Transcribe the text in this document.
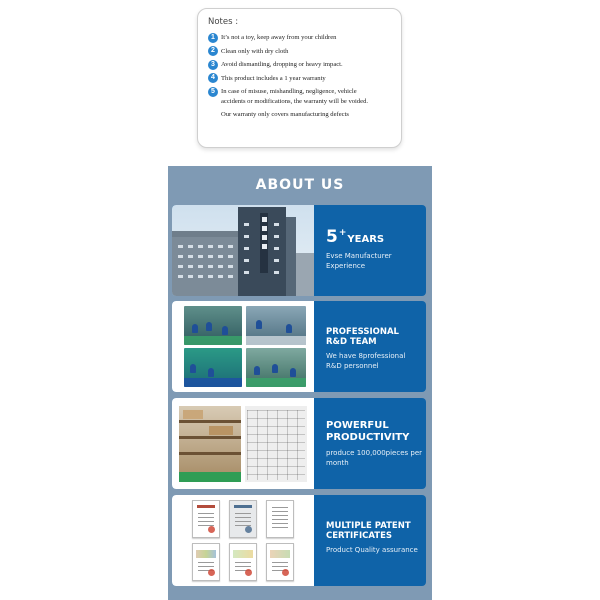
Notes :
1 It’s not a toy, keep away from your children
2 Clean only with dry cloth
3 Avoid dismantling, dropping or heavy impact.
4 This product includes a 1 year warranty
5 In case of misuse, mishandling, negligence, vehicle
accidents or modifications, the warranty will be voided.
Our warranty only covers manufacturing defects
ABOUT US
5 +
YEARS
Evse Manufacturer Experience
PROFESSIONAL
R&D TEAM
We have 8professional R&D personnel
POWERFUL
PRODUCTIVITY
produce 100,000pieces per month
MULTIPLE PATENT
CERTIFICATES
Product Quality assurance
